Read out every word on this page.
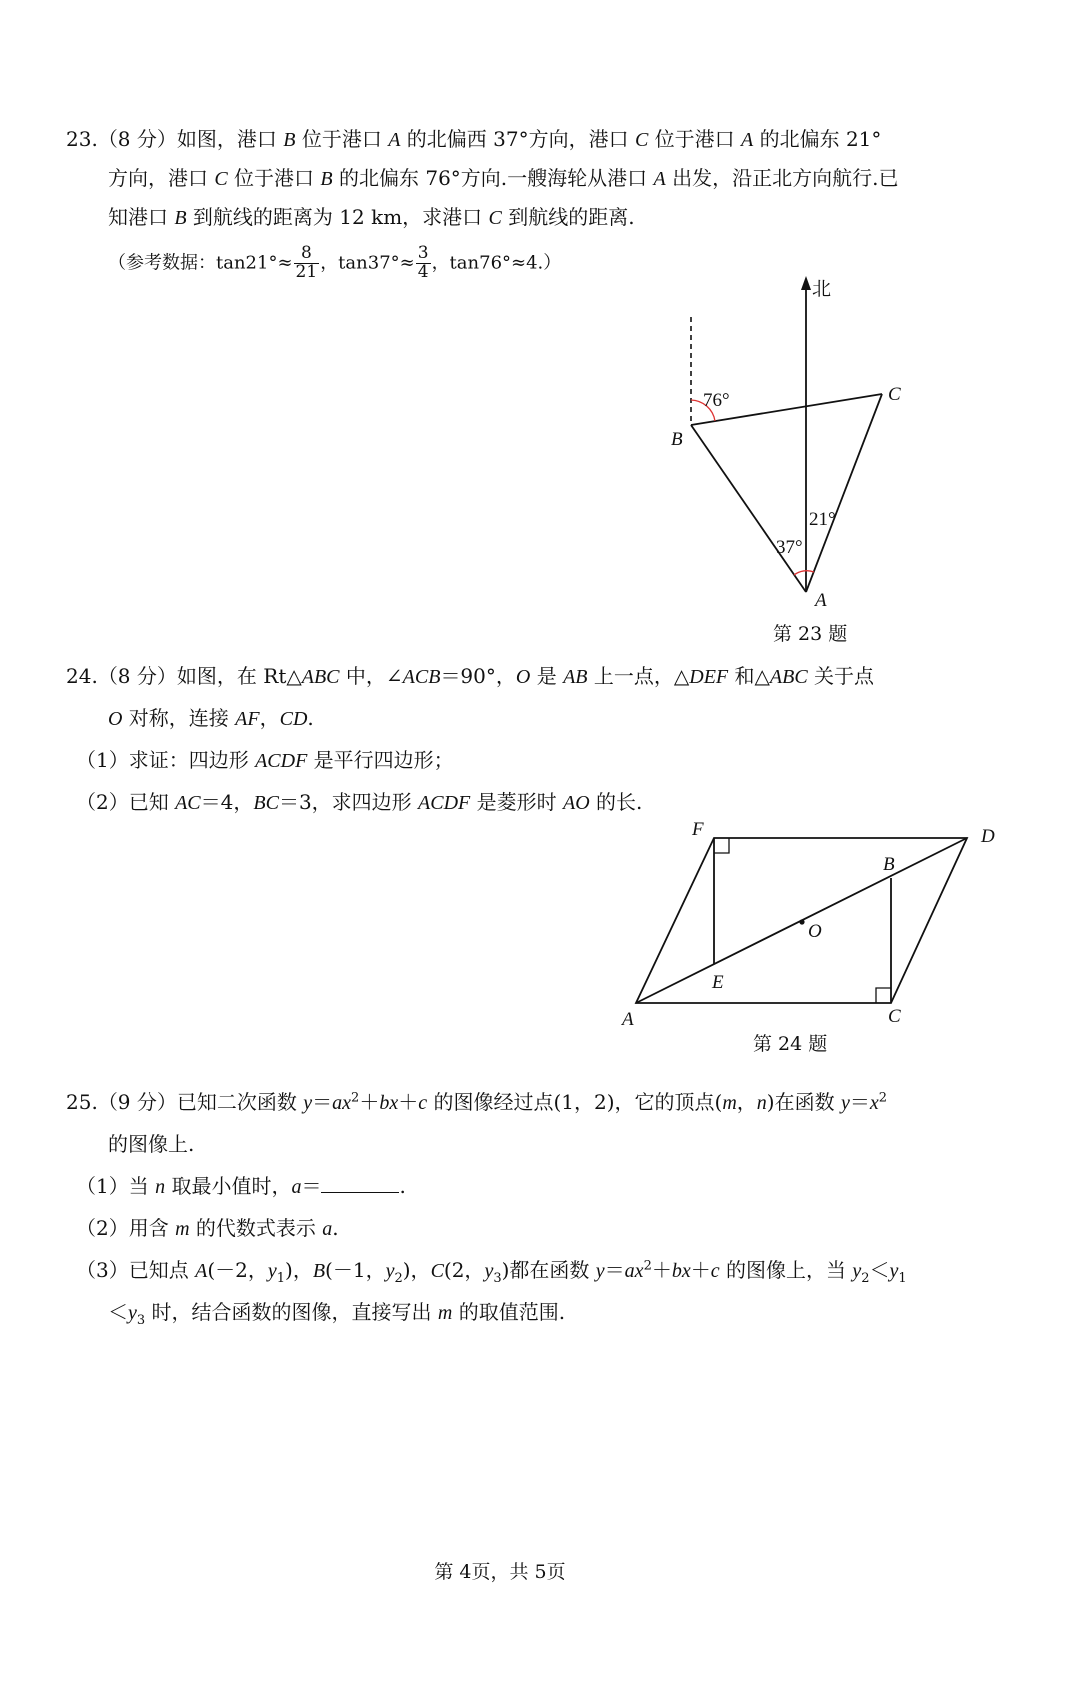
23.（8 分）如图，港口 B 位于港口 A 的北偏西 37°方向，港口 C 位于港口 A 的北偏东 21°
方向，港口 C 位于港口 B 的北偏东 76°方向.一艘海轮从港口 A 出发，沿正北方向航行.已
知港口 B 到航线的距离为 12 km，求港口 C 到航线的距离.
（参考数据：$\tan 21^\circ\approx \frac{8}{21}$ ，$\tan 37^\circ\approx \frac{3}{4}$ ，tan76°≈4.）
北
76°
37°
21°
A
B
C
第 23 题
24.（8 分）如图，在 Rt△ABC 中，∠ACB＝90°，O 是 AB 上一点，△DEF 和△ABC 关于点
O 对称，连接 AF，CD.
（1）求证：四边形 ACDF 是平行四边形；
（2）已知 AC＝4，BC＝3，求四边形 ACDF 是菱形时 AO 的长.
A	C
D
F
B
E
O
第 24 题
25.（9 分）已知二次函数 $y=ax^2+bx+c$ 的图像经过点(1，2)，它的顶点(m，n)在函数 $y=x^2$
的图像上.
（1）当 n 取最小值时，a＝	.
（2）用含 m 的代数式表示 a.
（3）已知点 A(－2，$y_1$)，B(－1，$y_2$)，C(2，$y_3$)都在函数 $y=ax^2+bx+c$ 的图像上，当 $y_2<y_1$
$<y_3$ 时，结合函数的图像，直接写出 m 的取值范围.
第 4页，共 5页
